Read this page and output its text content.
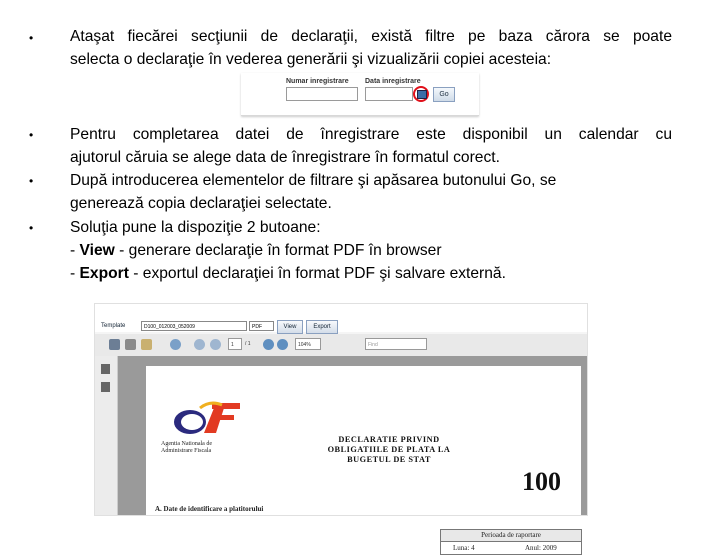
•
•
•
•
Ataşat fiecărei secţiunii de declaraţii, există filtre pe baza cărora se poate
selecta o declaraţie în vederea generării şi vizualizării copiei acesteia:
Numar inregistrare Data inregistrare
Go
Pentru completarea datei de înregistrare este disponibil un calendar cu
ajutorul căruia se alege data de înregistrare în formatul corect.
După introducerea elementelor de filtrare şi apăsarea butonului Go, se
generează copia declaraţiei selectate.
Soluţia pune la dispoziţie 2 butoane:
- View - generare declaraţie în format PDF în browser
- Export - exportul declaraţiei în format PDF şi salvare externă.
Template	D100_012003_052009	PDF	View	Export
1	/ 1	104%	Find
DECLARATIE PRIVIND
OBLIGATIILE DE PLATA LA
BUGETUL DE STAT
100
Perioada de raportare
Luna: 4	Anul: 2009
Agentia Nationala de
Administrare Fiscala
A. Date de identificare a platitorului
